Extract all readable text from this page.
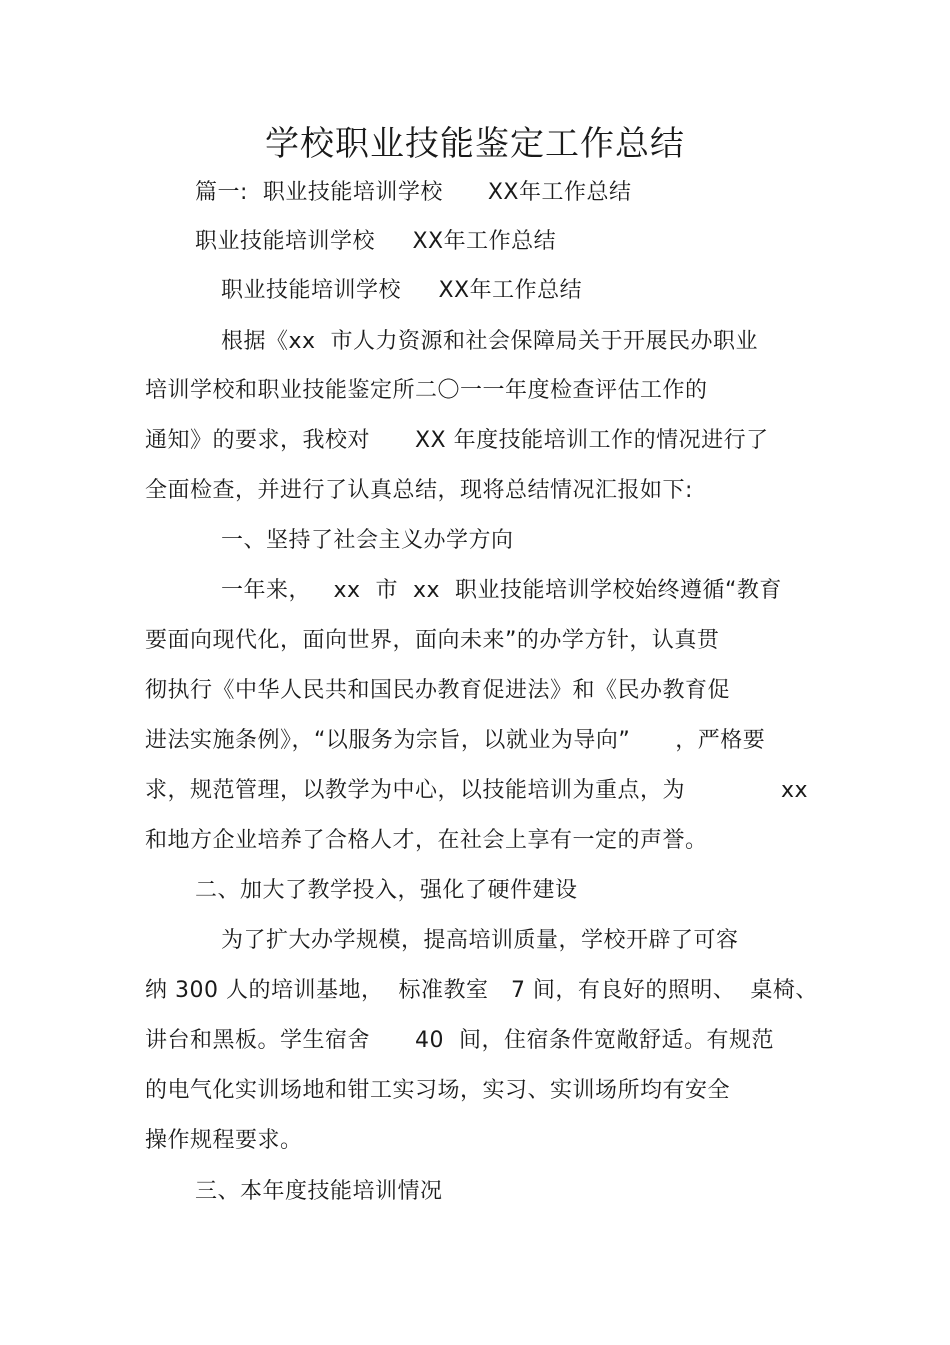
学校职业技能鉴定工作总结
篇一:  职业技能培训学校      XX年工作总结
职业技能培训学校     XX年工作总结
职业技能培训学校     XX年工作总结
根据《xx  市人力资源和社会保障局关于开展民办职业
培训学校和职业技能鉴定所二〇一一年度检查评估工作的
通知》的要求，我校对      XX 年度技能培训工作的情况进行了
全面检查，并进行了认真总结，现将总结情况汇报如下:
一、坚持了社会主义办学方向
一年来，   xx  市  xx  职业技能培训学校始终遵循“教育
要面向现代化，面向世界，面向未来”的办学方针，认真贯
彻执行《中华人民共和国民办教育促进法》和《民办教育促
进法实施条例》，“以服务为宗旨，以就业为导向”      ，严格要
求，规范管理，以教学为中心，以技能培训为重点，为	xx
和地方企业培养了合格人才，在社会上享有一定的声誉。
二、加大了教学投入，强化了硬件建设
为了扩大办学规模，提高培训质量，学校开辟了可容
纳 300 人的培训基地，  标准教室   7 间，有良好的照明、  桌椅、
讲台和黑板。学生宿舍      40  间，住宿条件宽敞舒适。有规范
的电气化实训场地和钳工实习场，实习、实训场所均有安全
操作规程要求。
三、本年度技能培训情况
